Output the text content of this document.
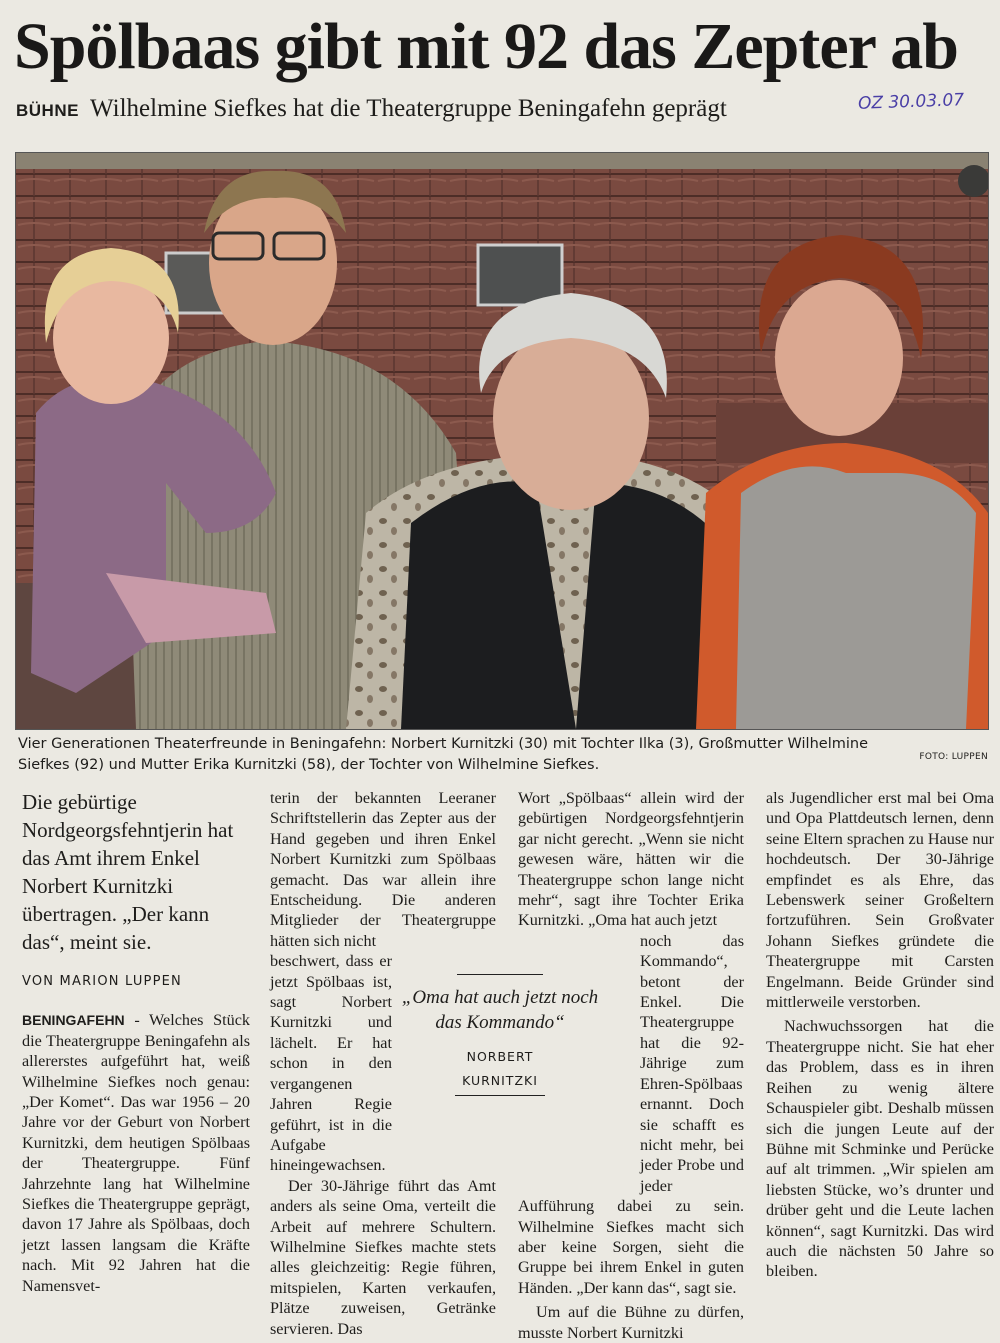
Spölbaas gibt mit 92 das Zepter ab
BÜHNE Wilhelmine Siefkes hat die Theatergruppe Beningafehn geprägt	OZ 30.03.07
Vier Generationen Theaterfreunde in Beningafehn: Norbert Kurnitzki (30) mit Tochter Ilka (3), Großmutter Wilhelmine
Siefkes (92) und Mutter Erika Kurnitzki (58), der Tochter von Wilhelmine Siefkes.	FOTO: LUPPEN

Die gebürtige Nordgeorgsfehntjerin hat das Amt ihrem Enkel Norbert Kurnitzki übertragen. „Der kann das“, meint sie.

VON MARION LUPPEN

BENINGAFEHN - Welches Stück die Theatergruppe Beningafehn als allererstes aufgeführt hat, weiß Wilhelmine Siefkes noch genau: „Der Komet“. Das war 1956 – 20 Jahre vor der Geburt von Norbert Kurnitzki, dem heutigen Spölbaas der Theatergruppe. Fünf Jahrzehnte lang hat Wilhelmine Siefkes die Theatergruppe geprägt, davon 17 Jahre als Spölbaas, doch jetzt lassen langsam die Kräfte nach. Mit 92 Jahren hat die Namensvet-

terin der bekannten Leeraner Schriftstellerin das Zepter aus der Hand gegeben und ihren Enkel Norbert Kurnitzki zum Spölbaas gemacht. Das war allein ihre Entscheidung. Die anderen Mitglieder der Theatergruppe hätten sich nicht

beschwert, dass er jetzt Spölbaas ist, sagt Norbert Kurnitzki und lächelt. Er hat schon in den vergangenen Jahren Regie geführt, ist in die Aufgabe hineingewachsen.

Der 30-Jährige führt das Amt anders als seine Oma, verteilt die Arbeit auf mehrere Schultern. Wilhelmine Siefkes machte stets alles gleichzeitig: Regie führen, mitspielen, Karten verkaufen, Plätze zuweisen, Getränke servieren. Das

„Oma hat auch jetzt noch das Kommando“
NORBERT
KURNITZKI

Wort „Spölbaas“ allein wird der gebürtigen Nordgeorgsfehntjerin gar nicht gerecht. „Wenn sie nicht gewesen wäre, hätten wir die Theatergruppe schon lange nicht mehr“, sagt ihre Tochter Erika Kurnitzki. „Oma hat auch jetzt

noch das Kommando“, betont der Enkel. Die Theatergruppe hat die 92-Jährige zum Ehren-Spölbaas ernannt. Doch sie schafft es nicht mehr, bei jeder Probe und jeder

Aufführung dabei zu sein. Wilhelmine Siefkes macht sich aber keine Sorgen, sieht die Gruppe bei ihrem Enkel in guten Händen. „Der kann das“, sagt sie.

Um auf die Bühne zu dürfen, musste Norbert Kurnitzki

als Jugendlicher erst mal bei Oma und Opa Plattdeutsch lernen, denn seine Eltern sprachen zu Hause nur hochdeutsch. Der 30-Jährige empfindet es als Ehre, das Lebenswerk seiner Großeltern fortzuführen. Sein Großvater Johann Siefkes gründete die Theatergruppe mit Carsten Engelmann. Beide Gründer sind mittlerweile verstorben.

Nachwuchssorgen hat die Theatergruppe nicht. Sie hat eher das Problem, dass es in ihren Reihen zu wenig ältere Schauspieler gibt. Deshalb müssen sich die jungen Leute auf der Bühne mit Schminke und Perücke auf alt trimmen. „Wir spielen am liebsten Stücke, wo’s drunter und drüber geht und die Leute lachen können“, sagt Kurnitzki. Das wird auch die nächsten 50 Jahre so bleiben.
